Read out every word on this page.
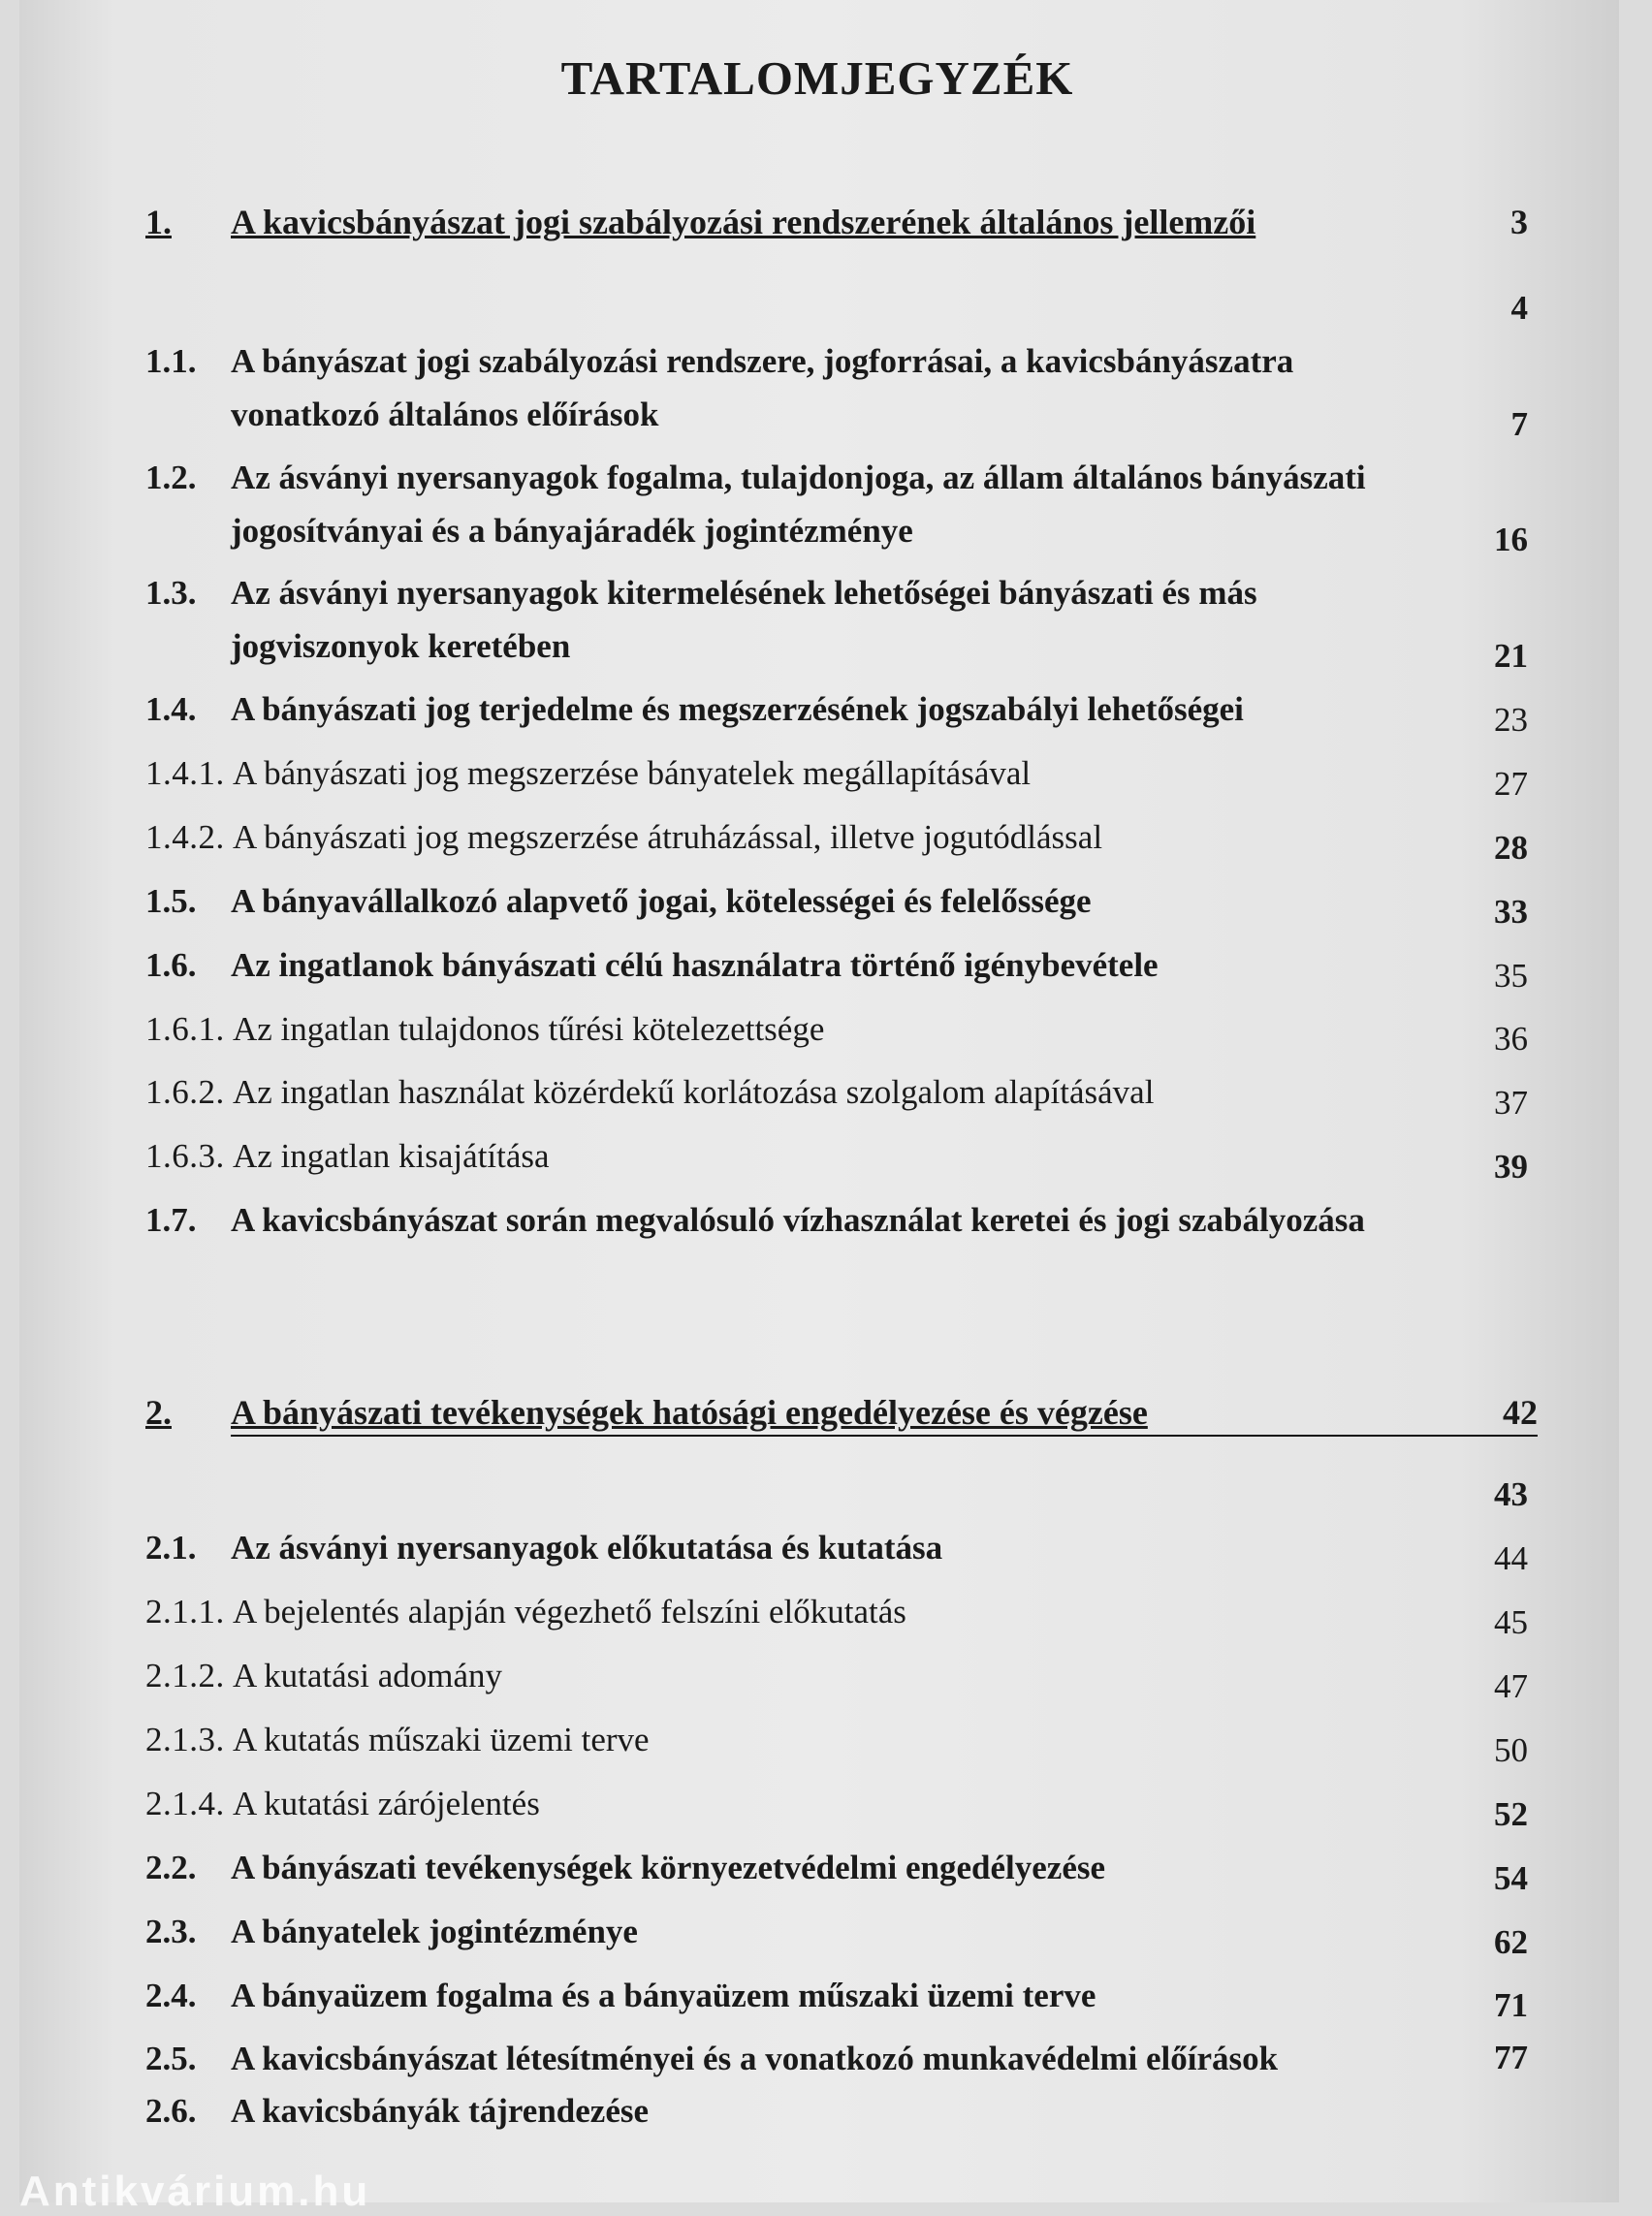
TARTALOMJEGYZÉK
1. A kavicsbányászat jogi szabályozási rendszerének általános jellemzői	3
1.1. A bányászat jogi szabályozási rendszere, jogforrásai, a kavicsbányászatra vonatkozó általános előírások
4
1.2. Az ásványi nyersanyagok fogalma, tulajdonjoga, az állam általános bányászati jogosítványai és a bányajáradék jogintézménye
7
1.3. Az ásványi nyersanyagok kitermelésének lehetőségei bányászati és más jogviszonyok keretében
16
1.4. A bányászati jog terjedelme és megszerzésének jogszabályi lehetőségei
21
1.4.1. A bányászati jog megszerzése bányatelek megállapításával
23
1.4.2. A bányászati jog megszerzése átruházással, illetve jogutódlással
27
1.5. A bányavállalkozó alapvető jogai, kötelességei és felelőssége
28
1.6. Az ingatlanok bányászati célú használatra történő igénybevétele
33
1.6.1. Az ingatlan tulajdonos tűrési kötelezettsége
35
1.6.2. Az ingatlan használat közérdekű korlátozása szolgalom alapításával
36
1.6.3. Az ingatlan kisajátítása
37
1.7. A kavicsbányászat során megvalósuló vízhasználat keretei és jogi szabályozása
39
2. A bányászati tevékenységek hatósági engedélyezése és végzése	42
2.1. Az ásványi nyersanyagok előkutatása és kutatása
43
2.1.1. A bejelentés alapján végezhető felszíni előkutatás
44
2.1.2. A kutatási adomány
45
2.1.3. A kutatás műszaki üzemi terve
47
2.1.4. A kutatási zárójelentés
50
2.2. A bányászati tevékenységek környezetvédelmi engedélyezése
52
2.3. A bányatelek jogintézménye
54
2.4. A bányaüzem fogalma és a bányaüzem műszaki üzemi terve
62
2.5. A kavicsbányászat létesítményei és a vonatkozó munkavédelmi előírások
71
2.6. A kavicsbányák tájrendezése
77
Antikvárium.hu
